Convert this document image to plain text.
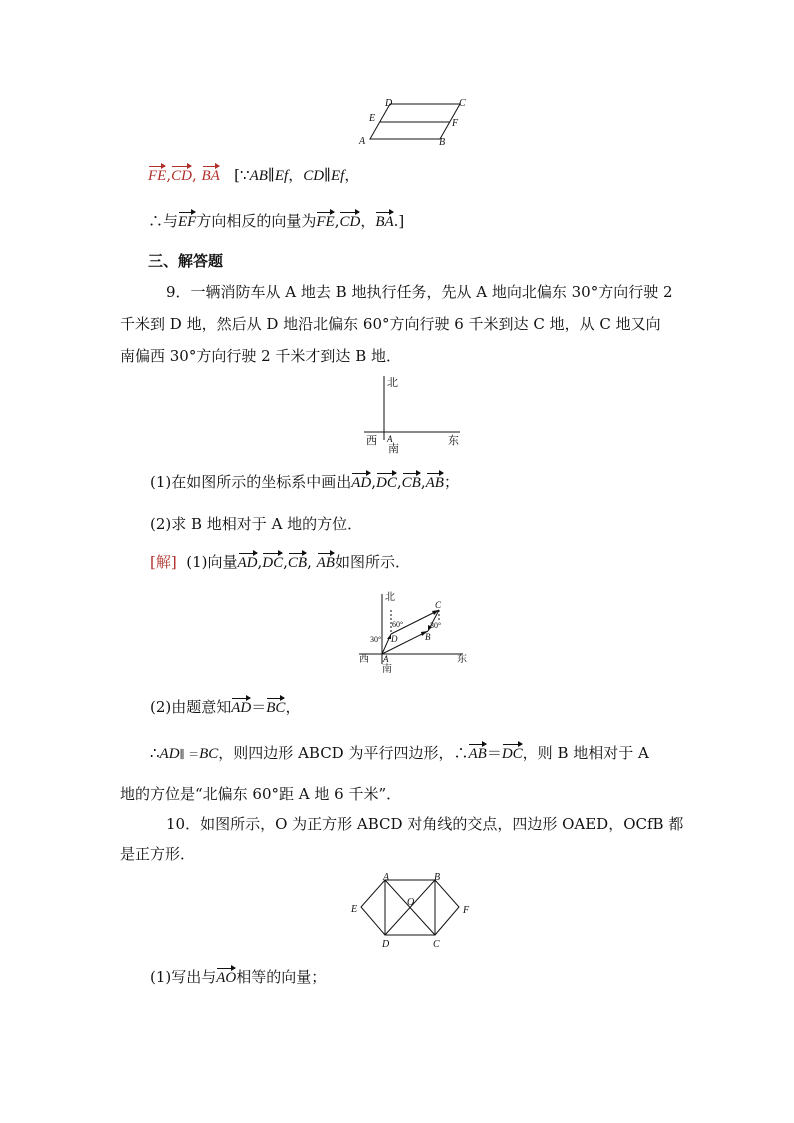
A	B
C
D
E	F
FE,CD, BA [∵AB∥Ef，CD∥Ef，
∴与EF方向相反的向量为FE,CD，BA.]
三、解答题
9．一辆消防车从 A 地去 B 地执行任务，先从 A 地向北偏东 30°方向行驶 2
千米到 D 地，然后从 D 地沿北偏东 60°方向行驶 6 千米到达 C 地，从 C 地又向
南偏西 30°方向行驶 2 千米才到达 B 地．
北
西	东
南
A
(1)在如图所示的坐标系中画出AD,DC,CB,AB；
(2)求 B 地相对于 A 地的方位．
[解] (1)向量AD,DC,CB, AB如图所示．
北
西	东
南
A
B
C
D
60°
30°
30°
(2)由题意知AD＝BC，
∴AD∥ ＝BC，则四边形 ABCD 为平行四边形，∴AB＝DC，则 B 地相对于 A
地的方位是“北偏东 60°距 A 地 6 千米”．
10．如图所示，O 为正方形 ABCD 对角线的交点，四边形 OAED，OCfB 都
是正方形．
A	B
C
D
E	F
O
(1)写出与AO相等的向量；
